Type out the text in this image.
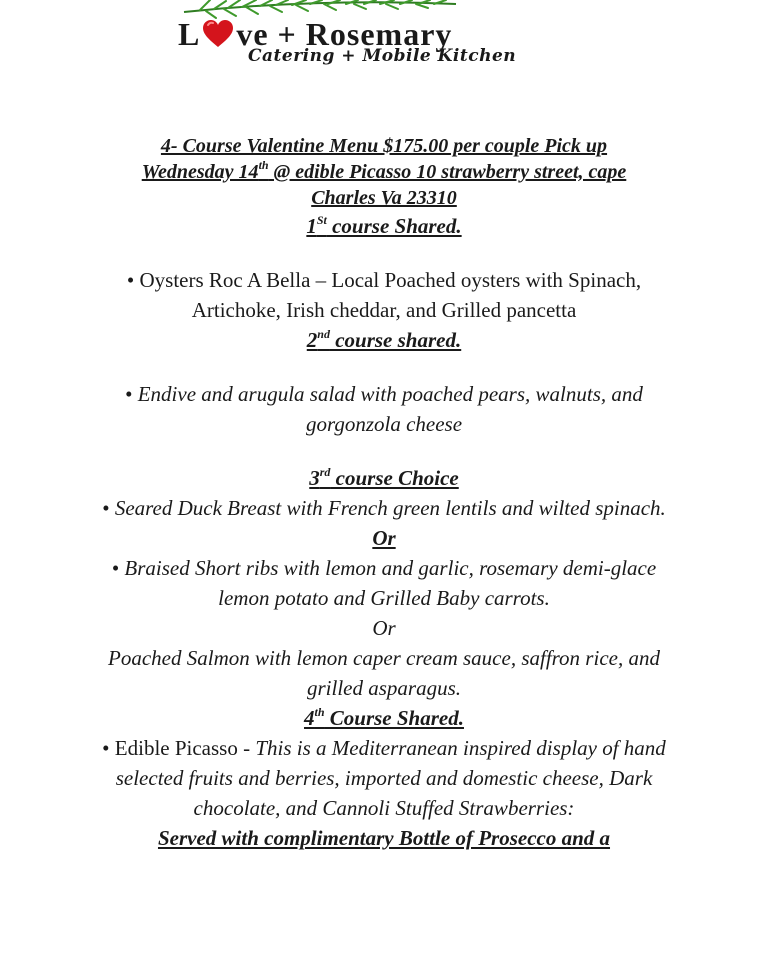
L ve + Rosemary

Catering + Mobile Kitchen

4- Course Valentine Menu $175.00 per couple Pick up

Wednesday 14th @ edible Picasso 10 strawberry street, cape

Charles Va 23310

1St course Shared.

• Oysters Roc A Bella – Local Poached oysters with Spinach, Artichoke, Irish cheddar, and Grilled pancetta

2nd course shared.

• Endive and arugula salad with poached pears, walnuts, and gorgonzola cheese

3rd course Choice

• Seared Duck Breast with French green lentils and wilted spinach.

Or

• Braised Short ribs with lemon and garlic, rosemary demi-glace lemon potato and Grilled Baby carrots.

Or

Poached Salmon with lemon caper cream sauce, saffron rice, and grilled asparagus.

4th Course Shared.

• Edible Picasso - This is a Mediterranean inspired display of hand selected fruits and berries, imported and domestic cheese, Dark chocolate, and Cannoli Stuffed Strawberries:

Served with complimentary Bottle of Prosecco and a
